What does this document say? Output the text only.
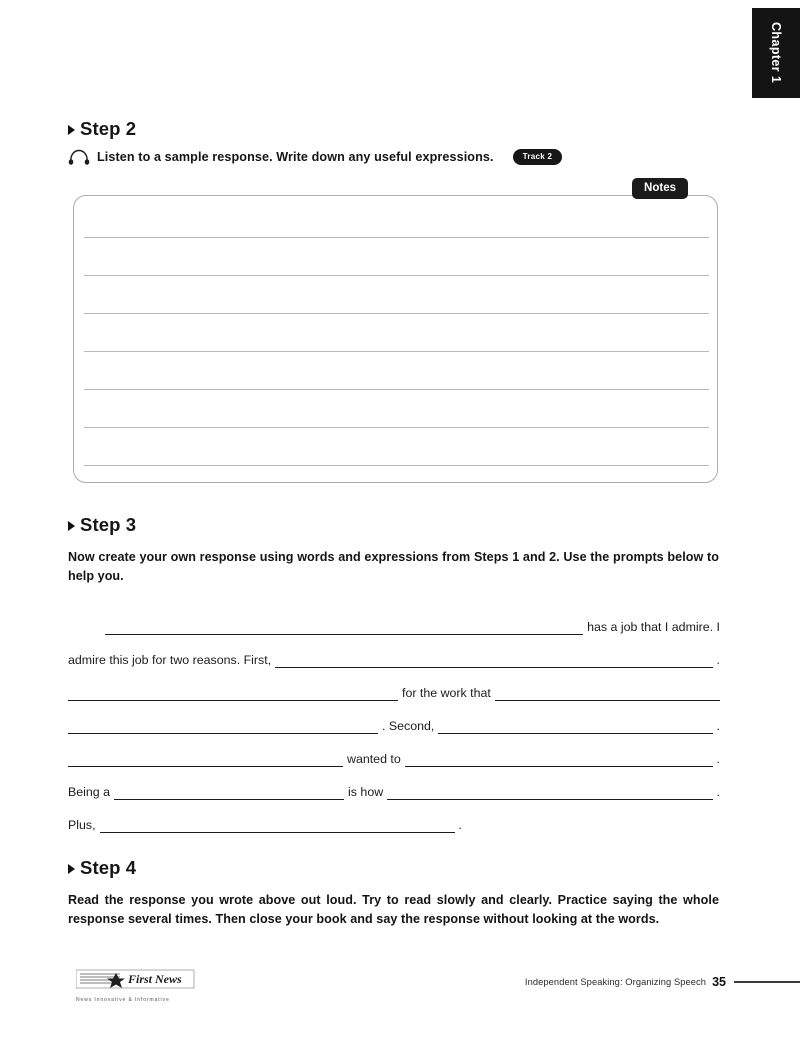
Chapter 1
Step 2
Listen to a sample response. Write down any useful expressions.	Track 2
Notes
Step 3
Now create your own response using words and expressions from Steps 1 and 2. Use the prompts below to help you.
has a job that I admire. I
admire this job for two reasons. First,	.
for the work that
. Second,	.
wanted to	.
Being a	is how	.
Plus,	.
Step 4
Read the response you wrote above out loud. Try to read slowly and clearly. Practice saying the whole response several times. Then close your book and say the response without looking at the words.
First News
News Innovative & Informative
Independent Speaking: Organizing Speech 35
